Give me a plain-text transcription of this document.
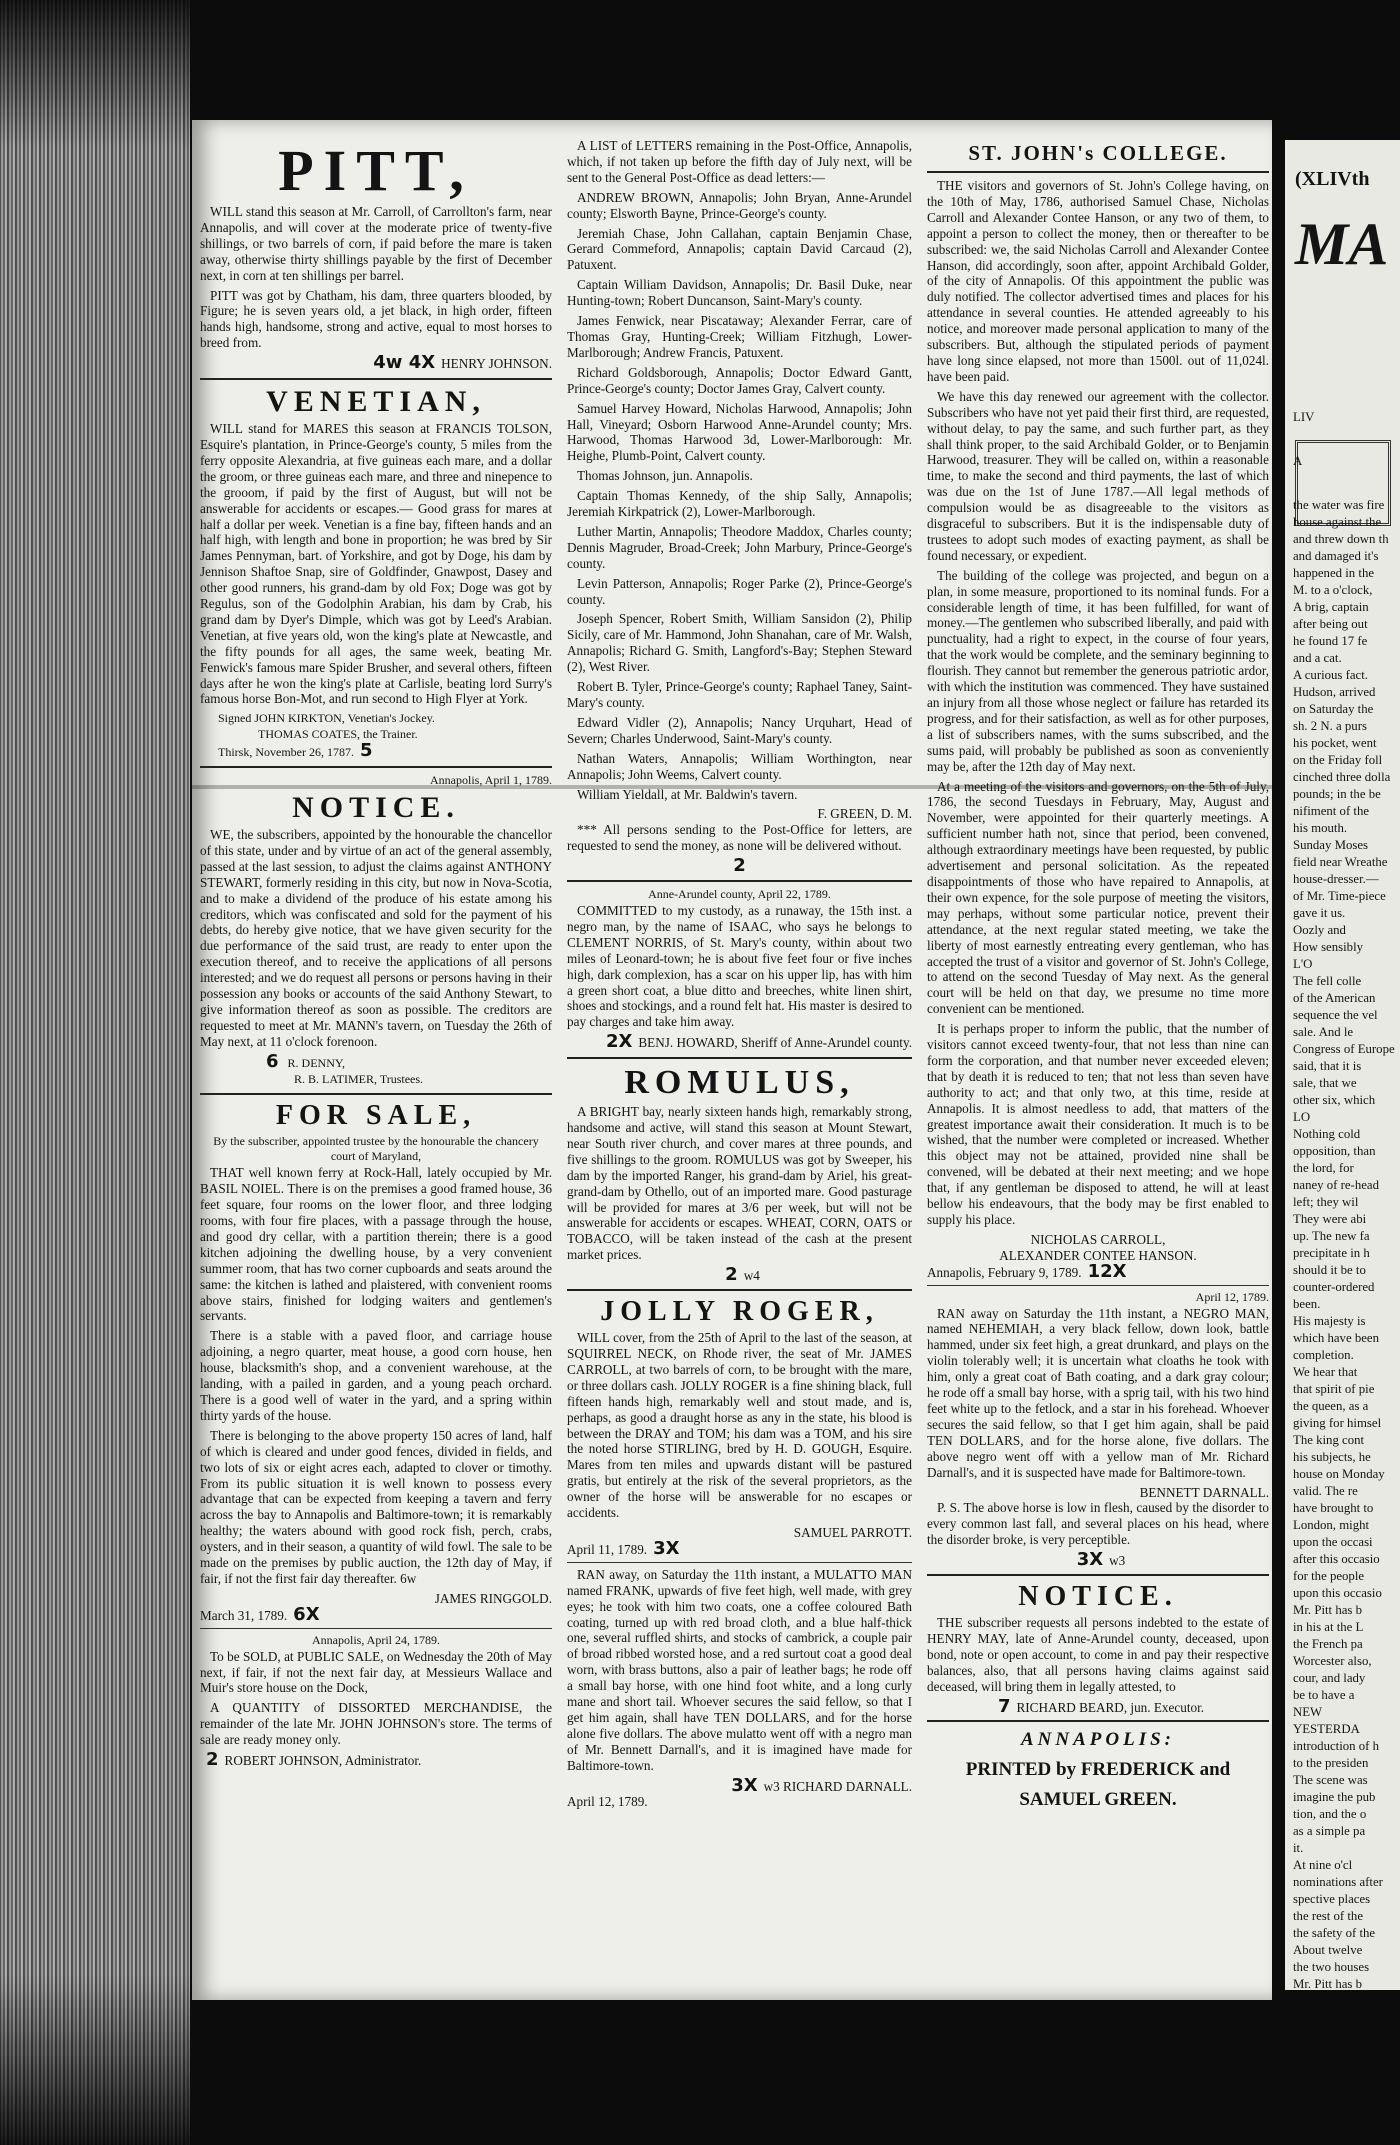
PITT,

WILL stand this season at Mr. Carroll, of Carrollton's farm, near Annapolis, and will cover at the moderate price of twenty-five shillings, or two barrels of corn, if paid before the mare is taken away, otherwise thirty shillings payable by the first of December next, in corn at ten shillings per barrel.

PITT was got by Chatham, his dam, three quarters blooded, by Figure; he is seven years old, a jet black, in high order, fifteen hands high, handsome, strong and active, equal to most horses to breed from.

4w 4X HENRY JOHNSON.
VENETIAN,

WILL stand for MARES this season at FRANCIS TOLSON, Esquire's plantation, in Prince-George's county, 5 miles from the ferry opposite Alexandria, at five guineas each mare, and a dollar the groom, or three guineas each mare, and three and ninepence to the grooom, if paid by the first of August, but will not be answerable for accidents or escapes.— Good grass for mares at half a dollar per week. Venetian is a fine bay, fifteen hands and an half high, with length and bone in proportion; he was bred by Sir James Pennyman, bart. of Yorkshire, and got by Doge, his dam by Jennison Shaftoe Snap, sire of Goldfinder, Gnawpost, Dasey and other good runners, his grand-dam by old Fox; Doge was got by Regulus, son of the Godolphin Arabian, his dam by Crab, his grand dam by Dyer's Dimple, which was got by Leed's Arabian. Venetian, at five years old, won the king's plate at Newcastle, and the fifty pounds for all ages, the same week, beating Mr. Fenwick's famous mare Spider Brusher, and several others, fifteen days after he won the king's plate at Carlisle, beating lord Surry's famous horse Bon-Mot, and run second to High Flyer at York.

Signed JOHN KIRKTON, Venetian's Jockey.
THOMAS COATES, the Trainer.
Thirsk, November 26, 1787. 5
Annapolis, April 1, 1789.
NOTICE.

WE, the subscribers, appointed by the honourable the chancellor of this state, under and by virtue of an act of the general assembly, passed at the last session, to adjust the claims against ANTHONY STEWART, formerly residing in this city, but now in Nova-Scotia, and to make a dividend of the produce of his estate among his creditors, which was confiscated and sold for the payment of his debts, do hereby give notice, that we have given security for the due performance of the said trust, are ready to enter upon the execution thereof, and to receive the applications of all persons interested; and we do request all persons or persons having in their possession any books or accounts of the said Anthony Stewart, to give information thereof as soon as possible. The creditors are requested to meet at Mr. MANN's tavern, on Tuesday the 26th of May next, at 11 o'clock forenoon.

6 R. DENNY,
R. B. LATIMER, Trustees.
FOR SALE,
By the subscriber, appointed trustee by the honourable the chancery court of Maryland,

THAT well known ferry at Rock-Hall, lately occupied by Mr. BASIL NOIEL. There is on the premises a good framed house, 36 feet square, four rooms on the lower floor, and three lodging rooms, with four fire places, with a passage through the house, and good dry cellar, with a partition therein; there is a good kitchen adjoining the dwelling house, by a very convenient summer room, that has two corner cupboards and seats around the same: the kitchen is lathed and plaistered, with convenient rooms above stairs, finished for lodging waiters and gentlemen's servants.

There is a stable with a paved floor, and carriage house adjoining, a negro quarter, meat house, a good corn house, hen house, blacksmith's shop, and a convenient warehouse, at the landing, with a pailed in garden, and a young peach orchard. There is a good well of water in the yard, and a spring within thirty yards of the house.

There is belonging to the above property 150 acres of land, half of which is cleared and under good fences, divided in fields, and two lots of six or eight acres each, adapted to clover or timothy. From its public situation it is well known to possess every advantage that can be expected from keeping a tavern and ferry across the bay to Annapolis and Baltimore-town; it is remarkably healthy; the waters abound with good rock fish, perch, crabs, oysters, and in their season, a quantity of wild fowl. The sale to be made on the premises by public auction, the 12th day of May, if fair, if not the first fair day thereafter. 6w

JAMES RINGGOLD.
March 31, 1789. 6X
Annapolis, April 24, 1789.

To be SOLD, at PUBLIC SALE, on Wednesday the 20th of May next, if fair, if not the next fair day, at Messieurs Wallace and Muir's store house on the Dock,

A QUANTITY of DISSORTED MERCHANDISE, the remainder of the late Mr. JOHN JOHNSON's store. The terms of sale are ready money only.

2 ROBERT JOHNSON, Administrator.

A LIST of LETTERS remaining in the Post-Office, Annapolis, which, if not taken up before the fifth day of July next, will be sent to the General Post-Office as dead letters:—

ANDREW BROWN, Annapolis; John Bryan, Anne-Arundel county; Elsworth Bayne, Prince-George's county.

Jeremiah Chase, John Callahan, captain Benjamin Chase, Gerard Commeford, Annapolis; captain David Carcaud (2), Patuxent.

Captain William Davidson, Annapolis; Dr. Basil Duke, near Hunting-town; Robert Duncanson, Saint-Mary's county.

James Fenwick, near Piscataway; Alexander Ferrar, care of Thomas Gray, Hunting-Creek; William Fitzhugh, Lower-Marlborough; Andrew Francis, Patuxent.

Richard Goldsborough, Annapolis; Doctor Edward Gantt, Prince-George's county; Doctor James Gray, Calvert county.

Samuel Harvey Howard, Nicholas Harwood, Annapolis; John Hall, Vineyard; Osborn Harwood Anne-Arundel county; Mrs. Harwood, Thomas Harwood 3d, Lower-Marlborough: Mr. Heighe, Plumb-Point, Calvert county.

Thomas Johnson, jun. Annapolis.

Captain Thomas Kennedy, of the ship Sally, Annapolis; Jeremiah Kirkpatrick (2), Lower-Marlborough.

Luther Martin, Annapolis; Theodore Maddox, Charles county; Dennis Magruder, Broad-Creek; John Marbury, Prince-George's county.

Levin Patterson, Annapolis; Roger Parke (2), Prince-George's county.

Joseph Spencer, Robert Smith, William Sansidon (2), Philip Sicily, care of Mr. Hammond, John Shanahan, care of Mr. Walsh, Annapolis; Richard G. Smith, Langford's-Bay; Stephen Steward (2), West River.

Robert B. Tyler, Prince-George's county; Raphael Taney, Saint-Mary's county.

Edward Vidler (2), Annapolis; Nancy Urquhart, Head of Severn; Charles Underwood, Saint-Mary's county.

Nathan Waters, Annapolis; William Worthington, near Annapolis; John Weems, Calvert county.

William Yieldall, at Mr. Baldwin's tavern.

F. GREEN, D. M.

*** All persons sending to the Post-Office for letters, are requested to send the money, as none will be delivered without.

2
Anne-Arundel county, April 22, 1789.

COMMITTED to my custody, as a runaway, the 15th inst. a negro man, by the name of ISAAC, who says he belongs to CLEMENT NORRIS, of St. Mary's county, within about two miles of Leonard-town; he is about five feet four or five inches high, dark complexion, has a scar on his upper lip, has with him a green short coat, a blue ditto and breeches, white linen shirt, shoes and stockings, and a round felt hat. His master is desired to pay charges and take him away.

2X BENJ. HOWARD, Sheriff of Anne-Arundel county.
ROMULUS,

A BRIGHT bay, nearly sixteen hands high, remarkably strong, handsome and active, will stand this season at Mount Stewart, near South river church, and cover mares at three pounds, and five shillings to the groom. ROMULUS was got by Sweeper, his dam by the imported Ranger, his grand-dam by Ariel, his great-grand-dam by Othello, out of an imported mare. Good pasturage will be provided for mares at 3/6 per week, but will not be answerable for accidents or escapes. WHEAT, CORN, OATS or TOBACCO, will be taken instead of the cash at the present market prices.

2 w4
JOLLY ROGER,

WILL cover, from the 25th of April to the last of the season, at SQUIRREL NECK, on Rhode river, the seat of Mr. JAMES CARROLL, at two barrels of corn, to be brought with the mare, or three dollars cash. JOLLY ROGER is a fine shining black, full fifteen hands high, remarkably well and stout made, and is, perhaps, as good a draught horse as any in the state, his blood is between the DRAY and TOM; his dam was a TOM, and his sire the noted horse STIRLING, bred by H. D. GOUGH, Esquire. Mares from ten miles and upwards distant will be pastured gratis, but entirely at the risk of the several proprietors, as the owner of the horse will be answerable for no escapes or accidents.

SAMUEL PARROTT.
April 11, 1789. 3X

RAN away, on Saturday the 11th instant, a MULATTO MAN named FRANK, upwards of five feet high, well made, with grey eyes; he took with him two coats, one a coffee coloured Bath coating, turned up with red broad cloth, and a blue half-thick one, several ruffled shirts, and stocks of cambrick, a couple pair of broad ribbed worsted hose, and a red surtout coat a good deal worn, with brass buttons, also a pair of leather bags; he rode off a small bay horse, with one hind foot white, and a long curly mane and short tail. Whoever secures the said fellow, so that I get him again, shall have TEN DOLLARS, and for the horse alone five dollars. The above mulatto went off with a negro man of Mr. Bennett Darnall's, and it is imagined have made for Baltimore-town.

3X w3 RICHARD DARNALL.
April 12, 1789.
ST. JOHN's COLLEGE.

THE visitors and governors of St. John's College having, on the 10th of May, 1786, authorised Samuel Chase, Nicholas Carroll and Alexander Contee Hanson, or any two of them, to appoint a person to collect the money, then or thereafter to be subscribed: we, the said Nicholas Carroll and Alexander Contee Hanson, did accordingly, soon after, appoint Archibald Golder, of the city of Annapolis. Of this appointment the public was duly notified. The collector advertised times and places for his attendance in several counties. He attended agreeably to his notice, and moreover made personal application to many of the subscribers. But, although the stipulated periods of payment have long since elapsed, not more than 1500l. out of 11,024l. have been paid.

We have this day renewed our agreement with the collector. Subscribers who have not yet paid their first third, are requested, without delay, to pay the same, and such further part, as they shall think proper, to the said Archibald Golder, or to Benjamin Harwood, treasurer. They will be called on, within a reasonable time, to make the second and third payments, the last of which was due on the 1st of June 1787.—All legal methods of compulsion would be as disagreeable to the visitors as disgraceful to subscribers. But it is the indispensable duty of trustees to adopt such modes of exacting payment, as shall be found necessary, or expedient.

The building of the college was projected, and begun on a plan, in some measure, proportioned to its nominal funds. For a considerable length of time, it has been fulfilled, for want of money.—The gentlemen who subscribed liberally, and paid with punctuality, had a right to expect, in the course of four years, that the work would be complete, and the seminary beginning to flourish. They cannot but remember the generous patriotic ardor, with which the institution was commenced. They have sustained an injury from all those whose neglect or failure has retarded its progress, and for their satisfaction, as well as for other purposes, a list of subscribers names, with the sums subscribed, and the sums paid, will probably be published as soon as conveniently may be, after the 12th day of May next.

At a meeting of the visitors and governors, on the 5th of July, 1786, the second Tuesdays in February, May, August and November, were appointed for their quarterly meetings. A sufficient number hath not, since that period, been convened, although extraordinary meetings have been requested, by public advertisement and personal solicitation. As the repeated disappointments of those who have repaired to Annapolis, at their own expence, for the sole purpose of meeting the visitors, may perhaps, without some particular notice, prevent their attendance, at the next regular stated meeting, we take the liberty of most earnestly entreating every gentleman, who has accepted the trust of a visitor and governor of St. John's College, to attend on the second Tuesday of May next. As the general court will be held on that day, we presume no time more convenient can be mentioned.

It is perhaps proper to inform the public, that the number of visitors cannot exceed twenty-four, that not less than nine can form the corporation, and that number never exceeded eleven; that by death it is reduced to ten; that not less than seven have authority to act; and that only two, at this time, reside at Annapolis. It is almost needless to add, that matters of the greatest importance await their consideration. It much is to be wished, that the number were completed or increased. Whether this object may not be attained, provided nine shall be convened, will be debated at their next meeting; and we hope that, if any gentleman be disposed to attend, he will at least bellow his endeavours, that the body may be first enabled to supply his place.

NICHOLAS CARROLL,
ALEXANDER CONTEE HANSON.
Annapolis, February 9, 1789. 12X
April 12, 1789.

RAN away on Saturday the 11th instant, a NEGRO MAN, named NEHEMIAH, a very black fellow, down look, battle hammed, under six feet high, a great drunkard, and plays on the violin tolerably well; it is uncertain what cloaths he took with him, only a great coat of Bath coating, and a dark gray colour; he rode off a small bay horse, with a sprig tail, with his two hind feet white up to the fetlock, and a star in his forehead. Whoever secures the said fellow, so that I get him again, shall be paid TEN DOLLARS, and for the horse alone, five dollars. The above negro went off with a yellow man of Mr. Richard Darnall's, and it is suspected have made for Baltimore-town.

BENNETT DARNALL.

P. S. The above horse is low in flesh, caused by the disorder to every common last fall, and several places on his head, where the disorder broke, is very perceptible.

3X w3
NOTICE.

THE subscriber requests all persons indebted to the estate of HENRY MAY, late of Anne-Arundel county, deceased, upon bond, note or open account, to come in and pay their respective balances, also, that all persons having claims against said deceased, will bring them in legally attested, to

7 RICHARD BEARD, jun. Executor.
ANNAPOLIS:
PRINTED by FREDERICK and
SAMUEL GREEN.
(XLIVth
MA
LIV
A
the water was fire
house against the
and threw down th
and damaged it's
happened in the
M. to a o'clock,
A brig, captain
after being out
he found 17 fe
and a cat.
A curious fact.
Hudson, arrived
on Saturday the
sh. 2 N. a purs
his pocket, went
on the Friday foll
cinched three dolla
pounds; in the be
nifiment of the
his mouth.
Sunday Moses
field near Wreathe
house-dresser.—
of Mr. Time-piece
gave it us.
Oozly and
How sensibly
L'O
The fell colle
of the American
sequence the vel
sale. And le
Congress of Europe
said, that it is
sale, that we
other six, which
LO
Nothing cold
opposition, than
the lord, for
naney of re-head
left; they wil
They were abi
up. The new fa
precipitate in h
should it be to
counter-ordered
been.
His majesty is
which have been
completion.
We hear that
that spirit of pie
the queen, as a
giving for himsel
The king cont
his subjects, he
house on Monday
valid. The re
have brought to
London, might
upon the occasi
after this occasio
for the people
upon this occasio
Mr. Pitt has b
in his at the L
the French pa
Worcester also,
cour, and lady
be to have a
NEW
YESTERDA
introduction of h
to the presiden
The scene was
imagine the pub
tion, and the o
as a simple pa
it.
At nine o'cl
nominations after
spective places
the rest of the
the safety of the
About twelve
the two houses
Mr. Pitt has b
